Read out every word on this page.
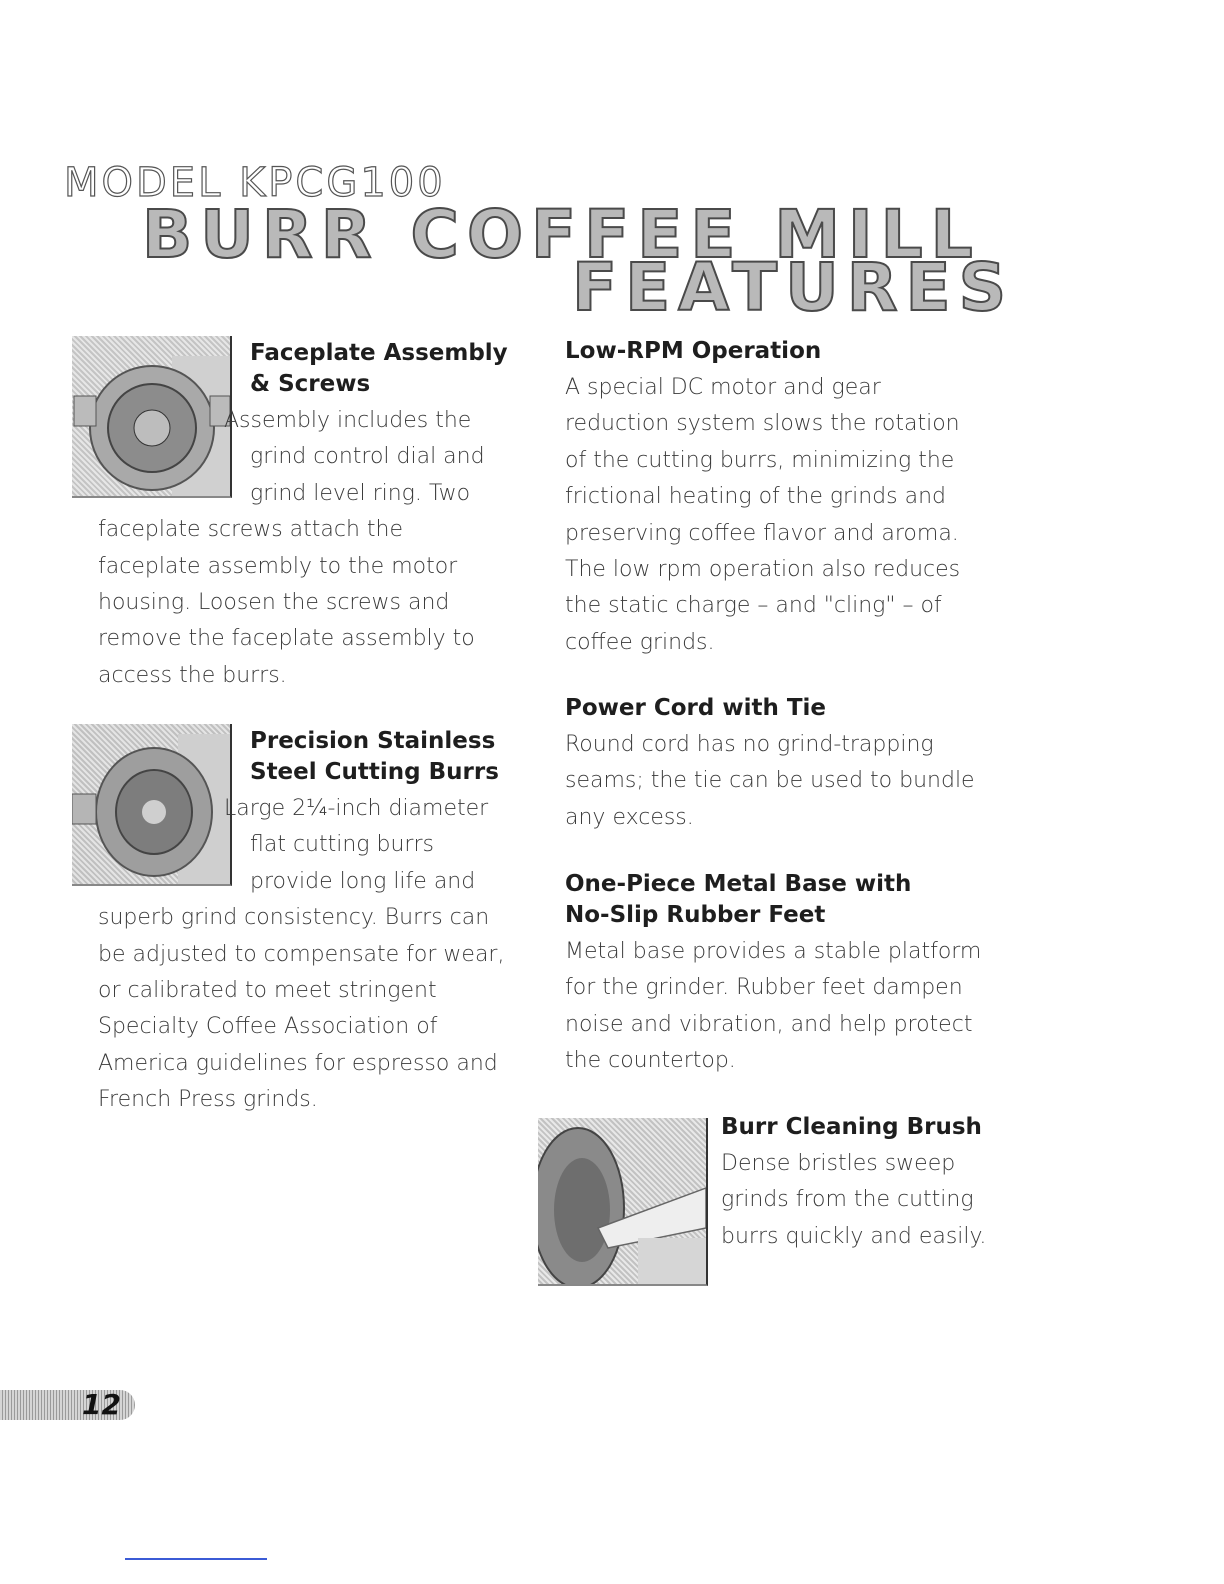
MODEL KPCG100
BURR COFFEE MILL
FEATURES

Faceplate Assembly

& Screws

Assembly includes the grind control dial and grind level ring. Two faceplate screws attach the faceplate assembly to the motor housing. Loosen the screws and remove the faceplate assembly to access the burrs.

Precision Stainless

Steel Cutting Burrs

Large 2¼-inch diameter flat cutting burrs provide long life and superb grind consistency. Burrs can be adjusted to compensate for wear, or calibrated to meet stringent Specialty Coffee Association of America guidelines for espresso and French Press grinds.

Low-RPM Operation

A special DC motor and gear reduction system slows the rotation of the cutting burrs, minimizing the frictional heating of the grinds and preserving coffee flavor and aroma. The low rpm operation also reduces the static charge – and "cling" – of coffee grinds.

Power Cord with Tie

Round cord has no grind-trapping seams; the tie can be used to bundle any excess.

One-Piece Metal Base with

No-Slip Rubber Feet

Metal base provides a stable platform for the grinder. Rubber feet dampen noise and vibration, and help protect the countertop.

Burr Cleaning Brush

Dense bristles sweep grinds from the cutting burrs quickly and easily.

12
